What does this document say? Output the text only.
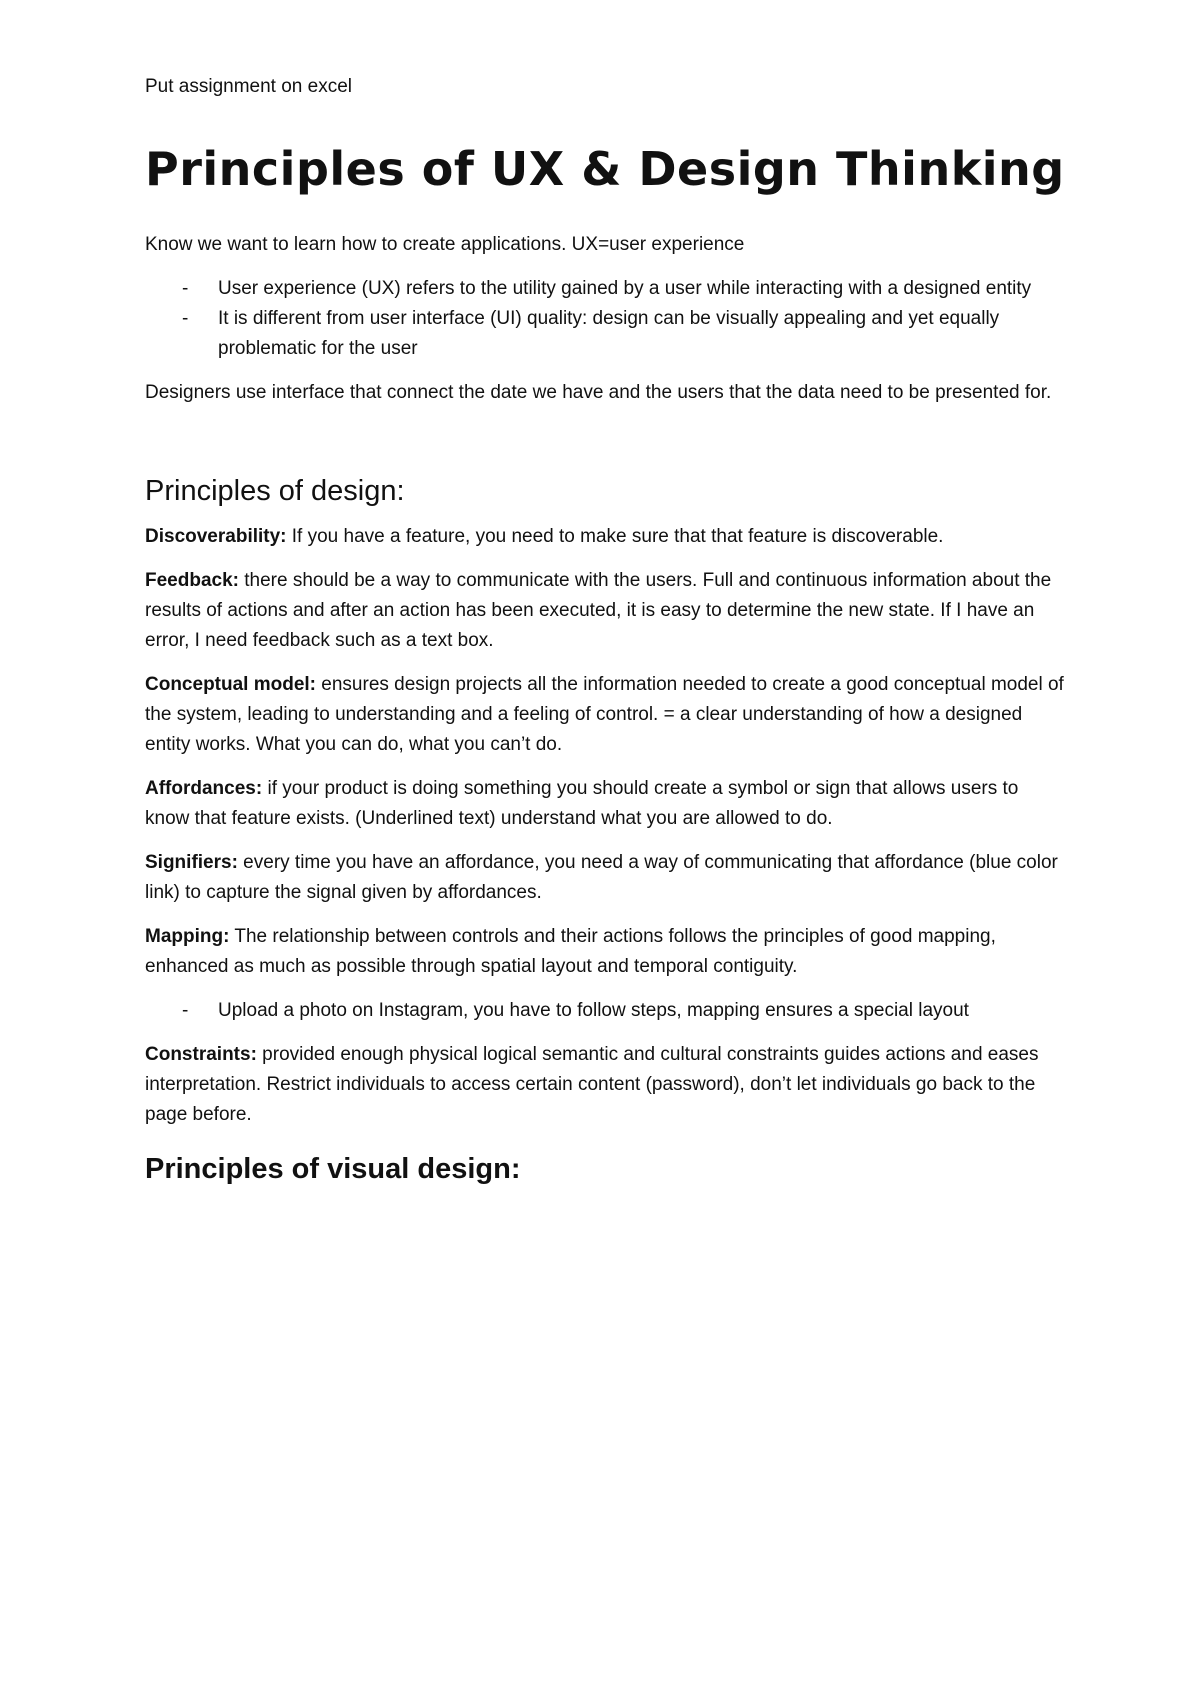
Put assignment on excel
Principles of UX & Design Thinking

Know we want to learn how to create applications. UX=user experience

- User experience (UX) refers to the utility gained by a user while interacting with a designed entity
- It is different from user interface (UI) quality: design can be visually appealing and yet equally problematic for the user

Designers use interface that connect the date we have and the users that the data need to be presented for.

Principles of design:

Discoverability: If you have a feature, you need to make sure that that feature is discoverable.

Feedback: there should be a way to communicate with the users. Full and continuous information about the results of actions and after an action has been executed, it is easy to determine the new state. If I have an error, I need feedback such as a text box.

Conceptual model: ensures design projects all the information needed to create a good conceptual model of the system, leading to understanding and a feeling of control. = a clear understanding of how a designed entity works. What you can do, what you can’t do.

Affordances: if your product is doing something you should create a symbol or sign that allows users to know that feature exists. (Underlined text) understand what you are allowed to do.

Signifiers: every time you have an affordance, you need a way of communicating that affordance (blue color link) to capture the signal given by affordances.

Mapping: The relationship between controls and their actions follows the principles of good mapping, enhanced as much as possible through spatial layout and temporal contiguity.

- Upload a photo on Instagram, you have to follow steps, mapping ensures a special layout

Constraints: provided enough physical logical semantic and cultural constraints guides actions and eases interpretation. Restrict individuals to access certain content (password), don’t let individuals go back to the page before.

Principles of visual design:
